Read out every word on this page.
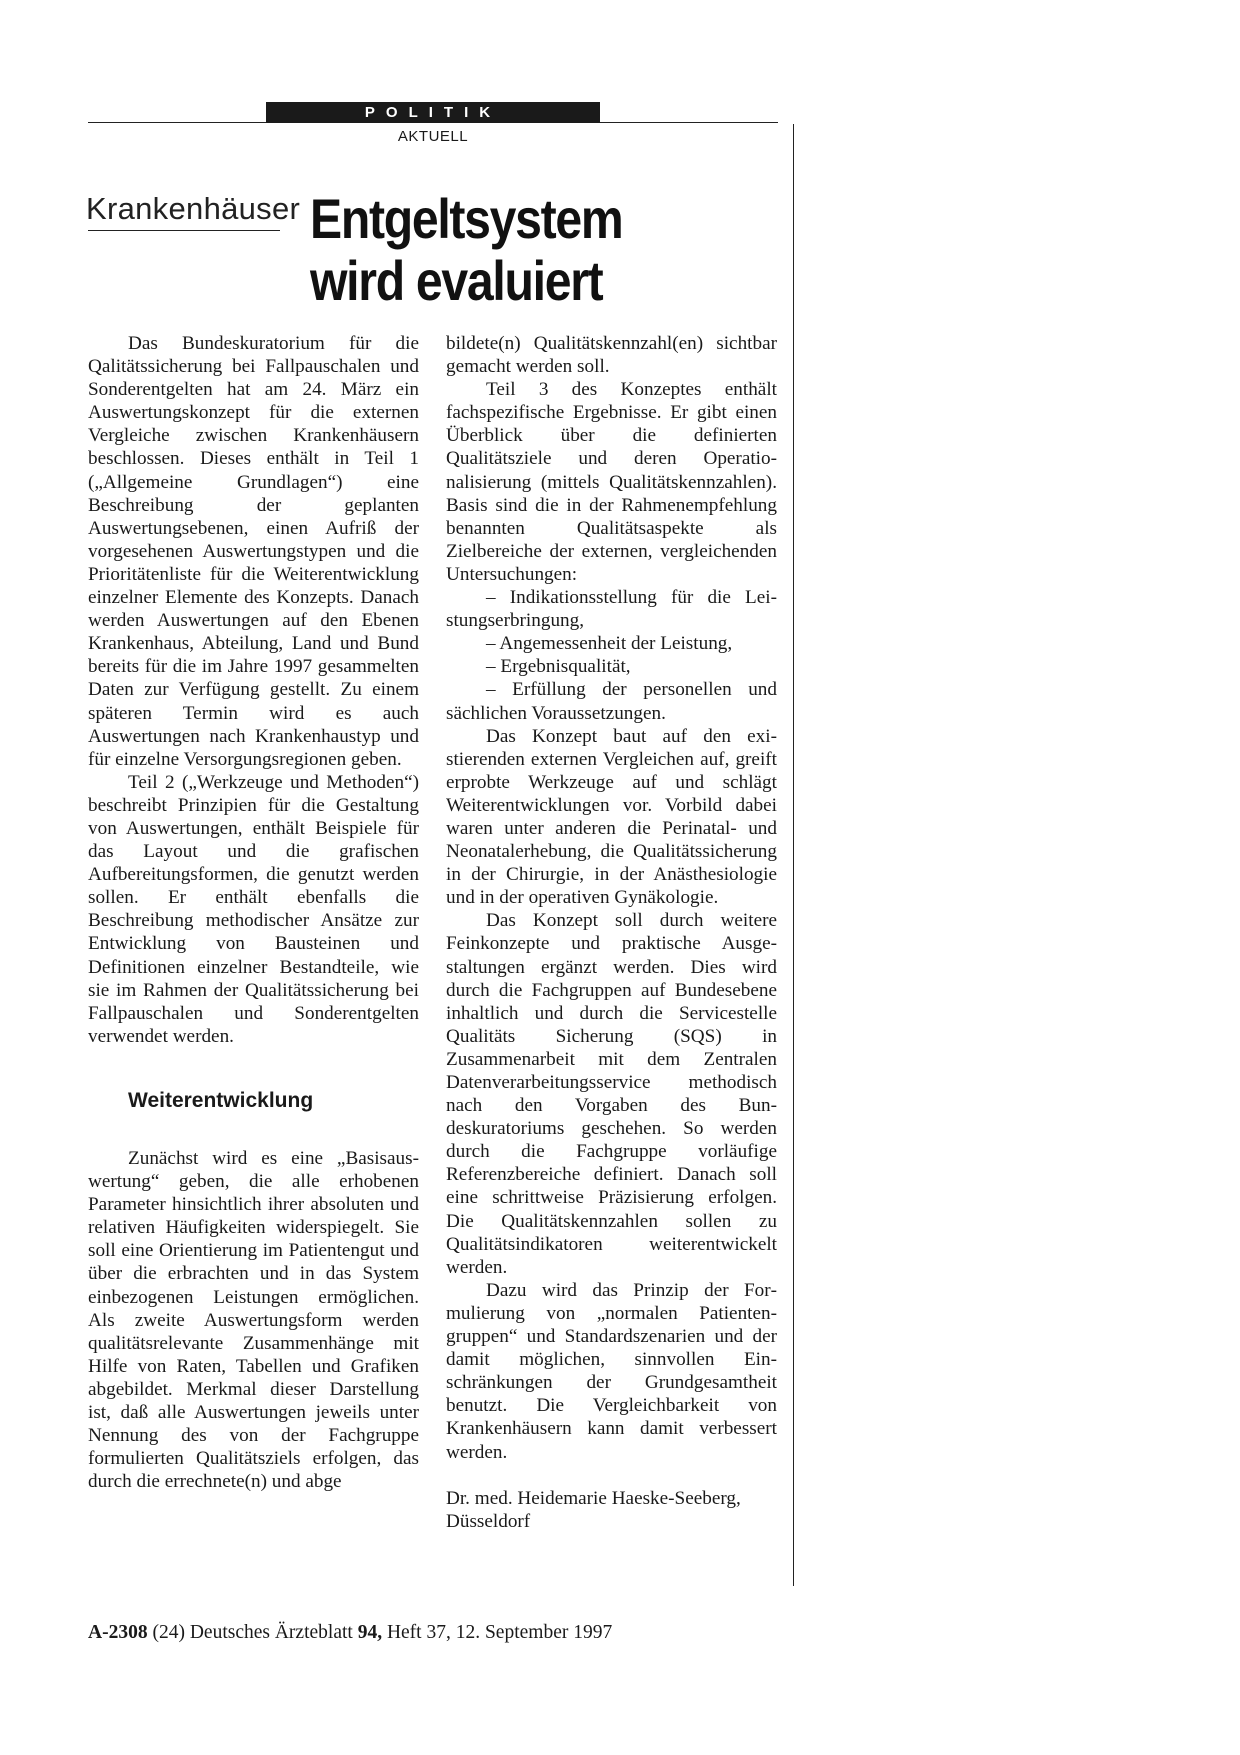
POLITIK
AKTUELL
Krankenhäuser Entgeltsystem
wird evaluiert

Das Bundeskuratorium für die Qalitätssicherung bei Fallpauschalen und Sonderentgelten hat am 24. März ein Auswertungskonzept für die externen Vergleiche zwischen Krankenhäusern beschlossen. Dieses enthält in Teil 1 („Allgemeine Grundlagen“) eine Beschreibung der geplanten Auswertungsebenen, einen Aufriß der vorgesehenen Auswertungstypen und die Prioritätenliste für die Weiterentwicklung einzelner Elemente des Konzepts. Danach werden Auswertungen auf den Ebenen Krankenhaus, Abteilung, Land und Bund bereits für die im Jahre 1997 gesammelten Daten zur Verfügung gestellt. Zu einem späteren Termin wird es auch Auswertungen nach Krankenhaustyp und für einzelne Versorgungsregionen geben.

Teil 2 („Werkzeuge und Methoden“) beschreibt Prinzipien für die Gestaltung von Auswertungen, enthält Beispiele für das Layout und die grafischen Aufbereitungsformen, die genutzt werden sollen. Er enthält ebenfalls die Beschreibung methodischer Ansätze zur Entwicklung von Bausteinen und Definitionen einzelner Bestandteile, wie sie im Rahmen der Qualitätssicherung bei Fallpauschalen und Sonderentgelten verwendet werden.

Weiterentwicklung

Zunächst wird es eine „Basisauswertung“ geben, die alle erhobenen Parameter hinsichtlich ihrer absoluten und relativen Häufigkeiten widerspiegelt. Sie soll eine Orientierung im Patientengut und über die erbrachten und in das System einbezogenen Leistungen ermöglichen. Als zweite Auswertungsform werden qualitätsrelevante Zusammenhänge mit Hilfe von Raten, Tabellen und Grafiken abgebildet. Merkmal dieser Darstellung ist, daß alle Auswertungen jeweils unter Nennung des von der Fachgruppe formulierten Qualitätsziels erfolgen, das durch die errechnete(n) und abge

bildete(n) Qualitätskennzahl(en) sichtbar gemacht werden soll.

Teil 3 des Konzeptes enthält fachspezifische Ergebnisse. Er gibt einen Überblick über die definierten Qualitätsziele und deren Operationalisierung (mittels Qualitätskennzahlen). Basis sind die in der Rahmenempfehlung benannten Qualitätsaspekte als Zielbereiche der externen, vergleichenden Untersuchungen:

– Indikationsstellung für die Leistungserbringung,

– Angemessenheit der Leistung,

– Ergebnisqualität,

– Erfüllung der personellen und sächlichen Voraussetzungen.

Das Konzept baut auf den existierenden externen Vergleichen auf, greift erprobte Werkzeuge auf und schlägt Weiterentwicklungen vor. Vorbild dabei waren unter anderen die Perinatal- und Neonatalerhebung, die Qualitätssicherung in der Chirurgie, in der Anästhesiologie und in der operativen Gynäkologie.

Das Konzept soll durch weitere Feinkonzepte und praktische Ausgestaltungen ergänzt werden. Dies wird durch die Fachgruppen auf Bundesebene inhaltlich und durch die Servicestelle Qualitäts Sicherung (SQS) in Zusammenarbeit mit dem Zentralen Datenverarbeitungsservice methodisch nach den Vorgaben des Bundeskuratoriums geschehen. So werden durch die Fachgruppe vorläufige Referenzbereiche definiert. Danach soll eine schrittweise Präzisierung erfolgen. Die Qualitätskennzahlen sollen zu Qualitätsindikatoren weiterentwickelt werden.

Dazu wird das Prinzip der Formulierung von „normalen Patientengruppen“ und Standardszenarien und der damit möglichen, sinnvollen Einschränkungen der Grundgesamtheit benutzt. Die Vergleichbarkeit von Krankenhäusern kann damit verbessert werden.

Dr. med. Heidemarie Haeske-Seeberg,
Düsseldorf

A-2308 (24) Deutsches Ärzteblatt 94, Heft 37, 12. September 1997
